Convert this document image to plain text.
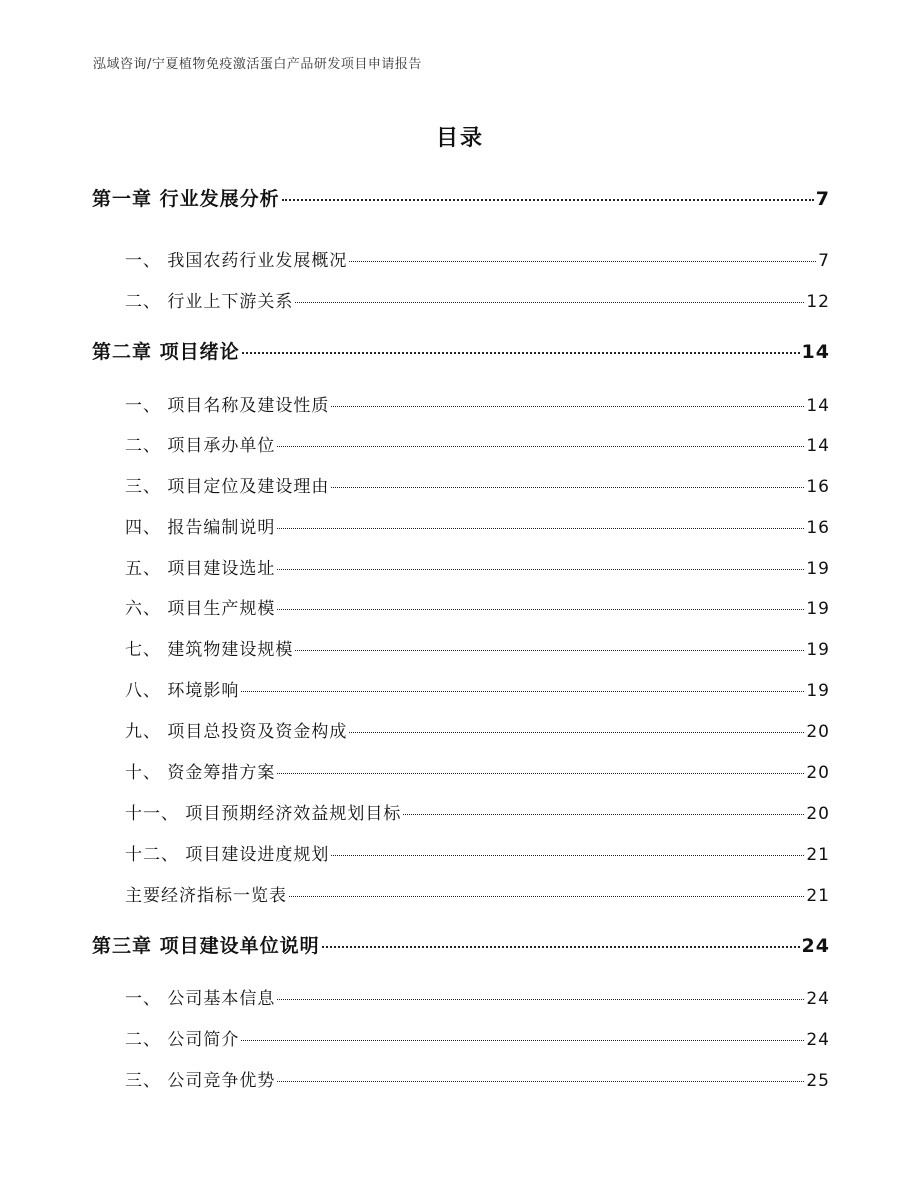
泓域咨询/宁夏植物免疫激活蛋白产品研发项目申请报告
目录
第一章 行业发展分析	7
一、 我国农药行业发展概况	7
二、 行业上下游关系	12
第二章 项目绪论	14
一、 项目名称及建设性质	14
二、 项目承办单位	14
三、 项目定位及建设理由	16
四、 报告编制说明	16
五、 项目建设选址	19
六、 项目生产规模	19
七、 建筑物建设规模	19
八、 环境影响	19
九、 项目总投资及资金构成	20
十、 资金筹措方案	20
十一、 项目预期经济效益规划目标	20
十二、 项目建设进度规划	21
主要经济指标一览表	21
第三章 项目建设单位说明	24
一、 公司基本信息	24
二、 公司简介	24
三、 公司竞争优势	25
